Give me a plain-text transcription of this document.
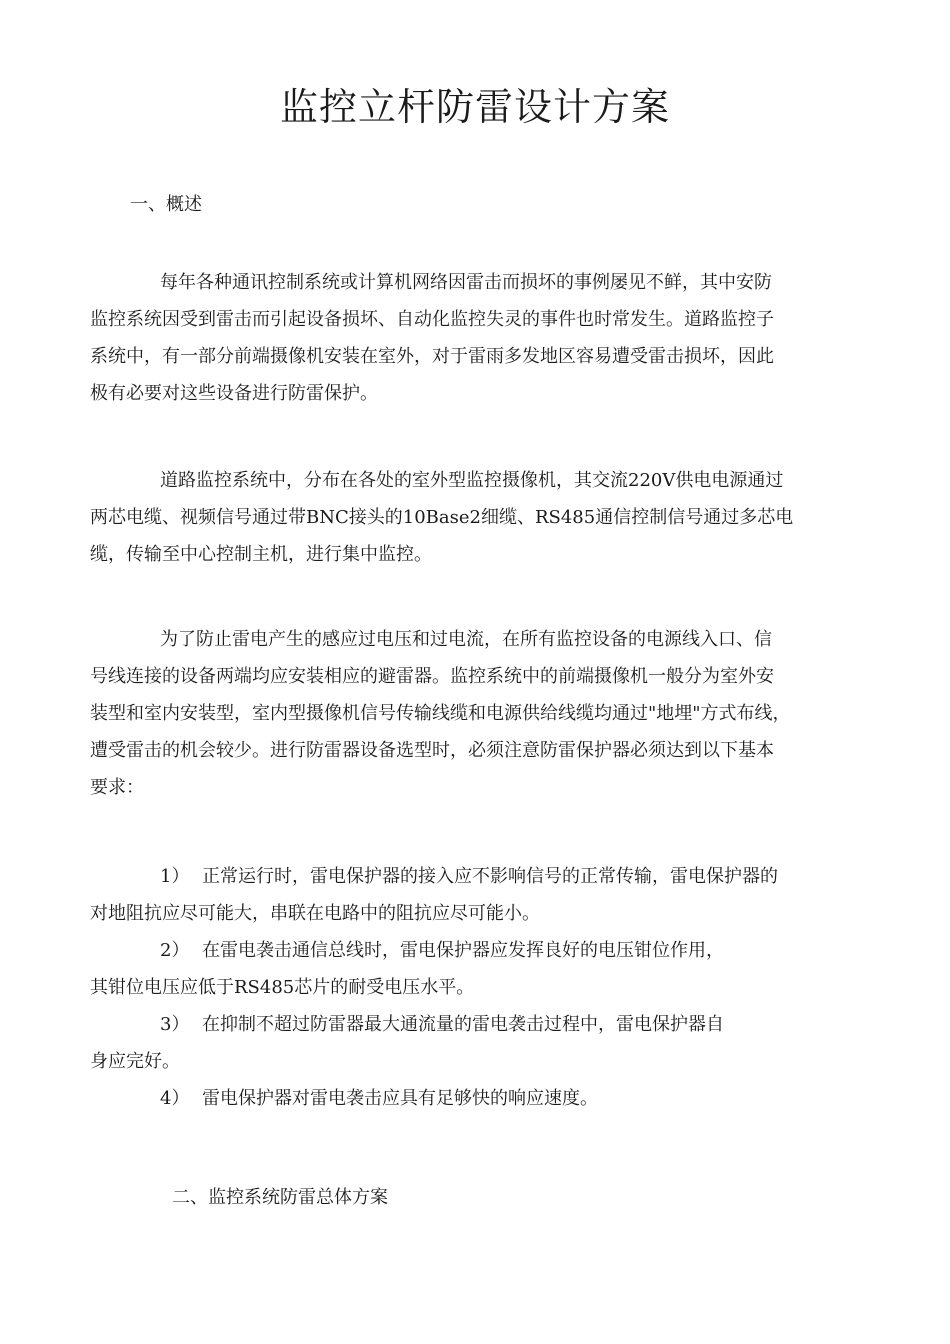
监控立杆防雷设计方案
一、概述

每年各种通讯控制系统或计算机网络因雷击而损坏的事例屡见不鲜，其中安防
监控系统因受到雷击而引起设备损坏、自动化监控失灵的事件也时常发生。道路监控子
系统中，有一部分前端摄像机安装在室外，对于雷雨多发地区容易遭受雷击损坏，因此
极有必要对这些设备进行防雷保护。

道路监控系统中，分布在各处的室外型监控摄像机，其交流220V供电电源通过
两芯电缆、视频信号通过带BNC接头的10Base2细缆、RS485通信控制信号通过多芯电
缆，传输至中心控制主机，进行集中监控。

为了防止雷电产生的感应过电压和过电流，在所有监控设备的电源线入口、信
号线连接的设备两端均应安装相应的避雷器。监控系统中的前端摄像机一般分为室外安
装型和室内安装型，室内型摄像机信号传输线缆和电源供给线缆均通过"地埋"方式布线，
遭受雷击的机会较少。进行防雷器设备选型时，必须注意防雷保护器必须达到以下基本
要求：

1） 正常运行时，雷电保护器的接入应不影响信号的正常传输，雷电保护器的
对地阻抗应尽可能大，串联在电路中的阻抗应尽可能小。
2） 在雷电袭击通信总线时，雷电保护器应发挥良好的电压钳位作用，
其钳位电压应低于RS485芯片的耐受电压水平。
3） 在抑制不超过防雷器最大通流量的雷电袭击过程中，雷电保护器自
身应完好。
4） 雷电保护器对雷电袭击应具有足够快的响应速度。
二、监控系统防雷总体方案
